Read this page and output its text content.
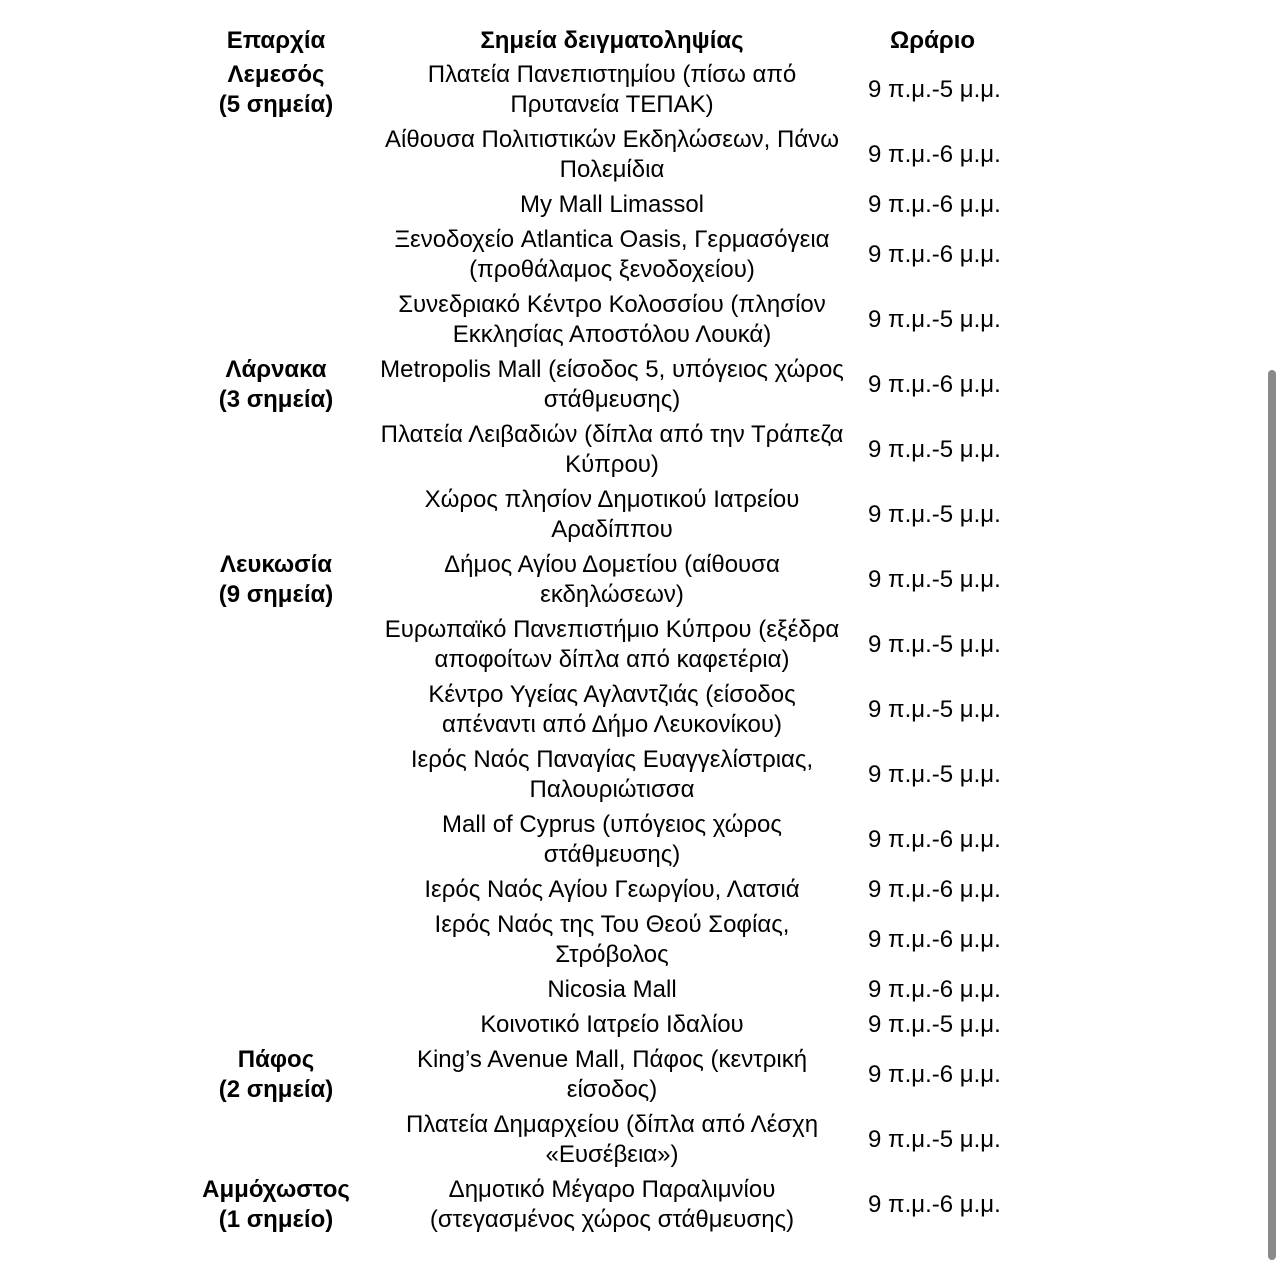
Επαρχία	Σημεία δειγματοληψίας	Ωράριο

Λεμεσός
(5 σημεία)	Πλατεία Πανεπιστημίου (πίσω από
Πρυτανεία ΤΕΠΑΚ)	9 π.μ.-5 μ.μ.

	Αίθουσα Πολιτιστικών Εκδηλώσεων, Πάνω
Πολεμίδια	9 π.μ.-6 μ.μ.

	My Mall Limassol	9 π.μ.-6 μ.μ.

	Ξενοδοχείο Atlantica Oasis, Γερμασόγεια
(προθάλαμος ξενοδοχείου)	9 π.μ.-6 μ.μ.

	Συνεδριακό Κέντρο Κολοσσίου (πλησίον
Εκκλησίας Αποστόλου Λουκά)	9 π.μ.-5 μ.μ.

Λάρνακα
(3 σημεία)	Metropolis Mall (είσοδος 5, υπόγειος χώρος
στάθμευσης)	9 π.μ.-6 μ.μ.

	Πλατεία Λειβαδιών (δίπλα από την Τράπεζα
Κύπρου)	9 π.μ.-5 μ.μ.

	Χώρος πλησίον Δημοτικού Ιατρείου
Αραδίππου	9 π.μ.-5 μ.μ.

Λευκωσία
(9 σημεία)	Δήμος Αγίου Δομετίου (αίθουσα
εκδηλώσεων)	9 π.μ.-5 μ.μ.

	Ευρωπαϊκό Πανεπιστήμιο Κύπρου (εξέδρα
αποφοίτων δίπλα από καφετέρια)	9 π.μ.-5 μ.μ.

	Κέντρο Υγείας Αγλαντζιάς (είσοδος
απέναντι από Δήμο Λευκονίκου)	9 π.μ.-5 μ.μ.

	Ιερός Ναός Παναγίας Ευαγγελίστριας,
Παλουριώτισσα	9 π.μ.-5 μ.μ.

	Mall of Cyprus (υπόγειος χώρος
στάθμευσης)	9 π.μ.-6 μ.μ.

	Ιερός Ναός Αγίου Γεωργίου, Λατσιά	9 π.μ.-6 μ.μ.

	Ιερός Ναός της Του Θεού Σοφίας,
Στρόβολος	9 π.μ.-6 μ.μ.

	Nicosia Mall	9 π.μ.-6 μ.μ.

	Κοινοτικό Ιατρείο Ιδαλίου	9 π.μ.-5 μ.μ.

Πάφος
(2 σημεία)	King’s Avenue Mall, Πάφος (κεντρική
είσοδος)	9 π.μ.-6 μ.μ.

	Πλατεία Δημαρχείου (δίπλα από Λέσχη
«Ευσέβεια»)	9 π.μ.-5 μ.μ.

Αμμόχωστος
(1 σημείο)	Δημοτικό Μέγαρο Παραλιμνίου
(στεγασμένος χώρος στάθμευσης)	9 π.μ.-6 μ.μ.
